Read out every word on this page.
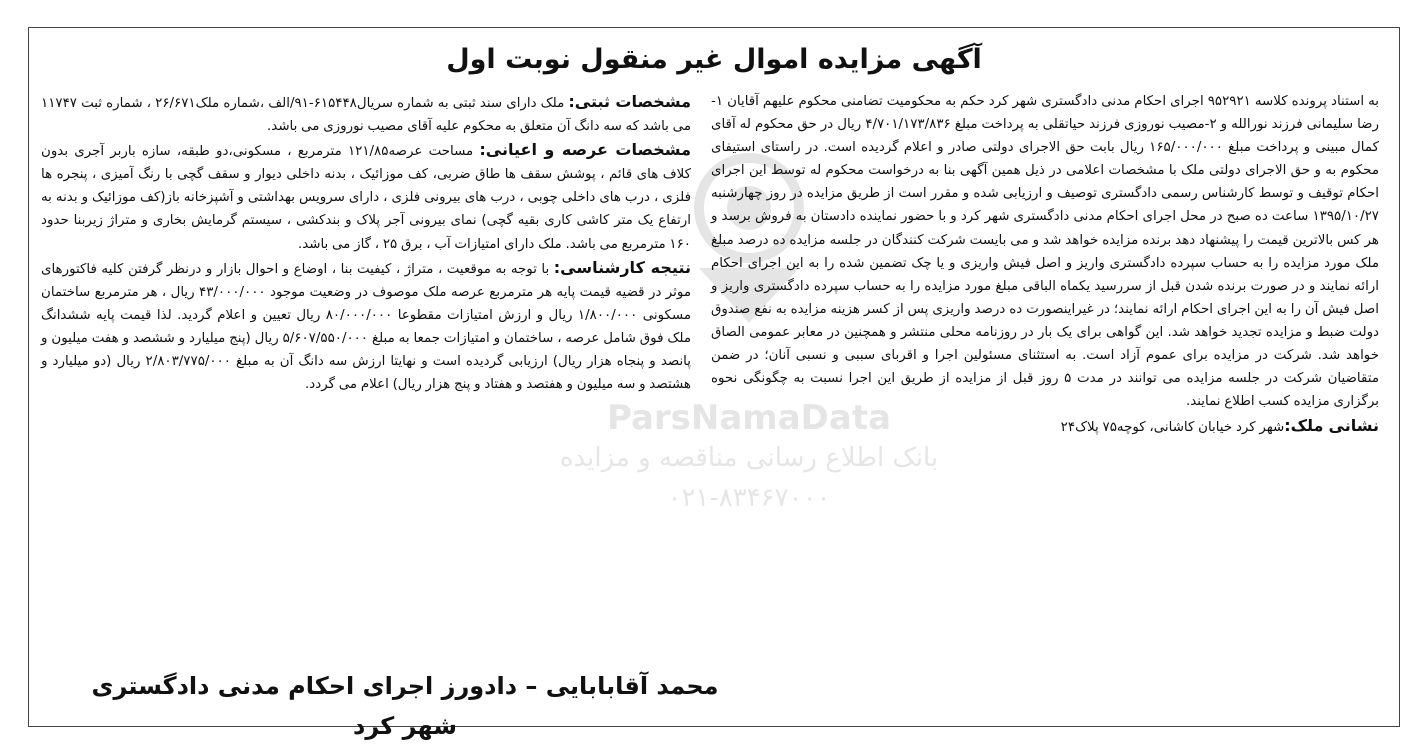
آگهی مزایده اموال غیر منقول نوبت اول
ParsNamaData
بانک اطلاع رسانی مناقصه و مزایده
۰۲۱-۸۳۴۶۷۰۰۰

به استناد پرونده کلاسه ۹۵۲۹۲۱ اجرای احکام مدنی دادگستری شهر کرد حکم به محکومیت تضامنی محکوم علیهم آقایان ۱-رضا سلیمانی فرزند نورالله و ۲-مصیب نوروزی فرزند حیاتقلی به پرداخت مبلغ ۴/۷۰۱/۱۷۳/۸۳۶ ریال در حق محکوم له آقای کمال مبینی و پرداخت مبلغ ۱۶۵/۰۰۰/۰۰۰ ریال بابت حق الاجرای دولتی صادر و اعلام گردیده است. در راستای استیفای محکوم به و حق الاجرای دولتی ملک با مشخصات اعلامی در ذیل همین آگهی بنا به درخواست محکوم له توسط این اجرای احکام توقیف و توسط کارشناس رسمی دادگستری توصیف و ارزیابی شده و مقرر است از طریق مزایده در روز چهارشنبه ۱۳۹۵/۱۰/۲۷ ساعت ده صبح در محل اجرای احکام مدنی دادگستری شهر کرد و با حضور نماینده دادستان به فروش برسد و هر کس بالاترین قیمت را پیشنهاد دهد برنده مزایده خواهد شد و می بایست شرکت کنندگان در جلسه مزایده ده درصد مبلغ ملک مورد مزایده را به حساب سپرده دادگستری واریز و اصل فیش واریزی و یا چک تضمین شده را به این اجرای احکام ارائه نمایند و در صورت برنده شدن قبل از سررسید یکماه الباقی مبلغ مورد مزایده را به حساب سپرده دادگستری واریز و اصل فیش آن را به این اجرای احکام ارائه نمایند؛ در غیراینصورت ده درصد واریزی پس از کسر هزینه مزایده به نفع صندوق دولت ضبط و مزایده تجدید خواهد شد. این گواهی برای یک بار در روزنامه محلی منتشر و همچنین در معابر عمومی الصاق خواهد شد. شرکت در مزایده برای عموم آزاد است. به استثنای مسئولین اجرا و اقربای سببی و نسبی آنان؛ در ضمن متقاضیان شرکت در جلسه مزایده می توانند در مدت ۵ روز قبل از مزایده از طریق این اجرا نسبت به چگونگی نحوه برگزاری مزایده کسب اطلاع نمایند.

نشانی ملک:شهر کرد خیابان کاشانی، کوچه۷۵ پلاک۲۴

مشخصات ثبتی: ملک دارای سند ثبتی به شماره سریال۶۱۵۴۴۸-۹۱/الف ،شماره ملک۲۶/۶۷۱ ، شماره ثبت ۱۱۷۴۷ می باشد که سه دانگ آن متعلق به محکوم علیه آقای مصیب نوروزی می باشد.

مشخصات عرصه و اعیانی: مساحت عرصه۱۲۱/۸۵ مترمربع ، مسکونی،دو طبقه، سازه باربر آجری بدون کلاف های قائم ، پوشش سقف ها طاق ضربی، کف موزائیک ، بدنه داخلی دیوار و سقف گچی با رنگ آمیزی ، پنجره ها فلزی ، درب های داخلی چوبی ، درب های بیرونی فلزی ، دارای سرویس بهداشتی و آشپزخانه باز(کف موزائیک و بدنه به ارتفاع یک متر کاشی کاری بقیه گچی) نمای بیرونی آجر پلاک و بندکشی ، سیستم گرمایش بخاری و متراژ زیربنا حدود ۱۶۰ مترمربع می باشد. ملک دارای امتیازات آب ، برق ۲۵ ، گاز می باشد.

نتیجه کارشناسی: با توجه به موقعیت ، متراژ ، کیفیت بنا ، اوضاع و احوال بازار و درنظر گرفتن کلیه فاکتورهای موثر در قضیه قیمت پایه هر مترمربع عرصه ملک موصوف در وضعیت موجود ۴۳/۰۰۰/۰۰۰ ریال ، هر مترمربع ساختمان مسکونی ۱/۸۰۰/۰۰۰ ریال و ارزش امتیازات مقطوعا ۸۰/۰۰۰/۰۰۰ ریال تعیین و اعلام گردید. لذا قیمت پایه ششدانگ ملک فوق شامل عرصه ، ساختمان و امتیازات جمعا به مبلغ ۵/۶۰۷/۵۵۰/۰۰۰ ریال (پنج میلیارد و ششصد و هفت میلیون و پانصد و پنجاه هزار ریال) ارزیابی گردیده است و نهایتا ارزش سه دانگ آن به مبلغ ۲/۸۰۳/۷۷۵/۰۰۰ ریال (دو میلیارد و هشتصد و سه میلیون و هفتصد و هفتاد و پنج هزار ریال) اعلام می گردد.

محمد آقابابایی – دادورز اجرای احکام مدنی دادگستری شهر کرد
